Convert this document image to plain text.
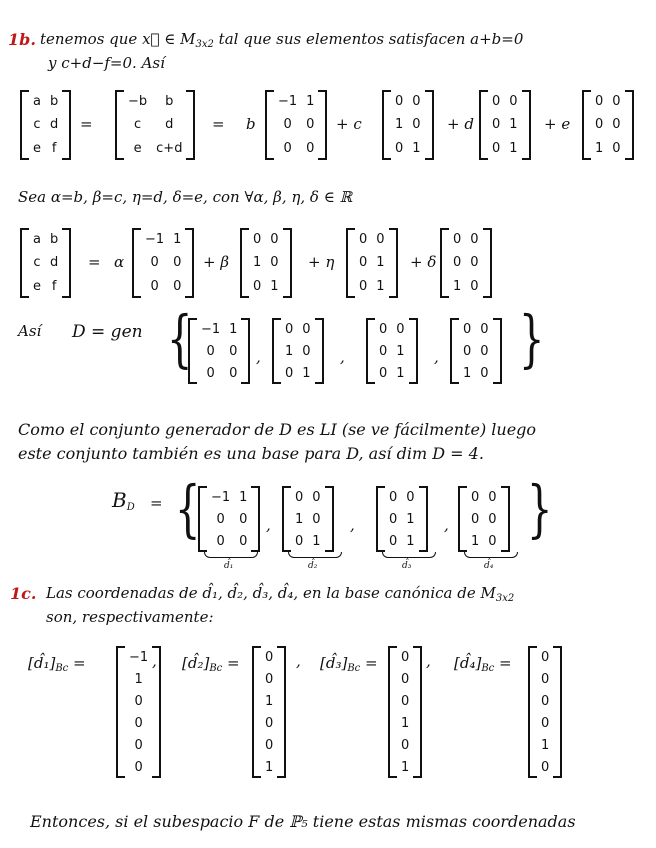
1b. tenemos que x⃗ ∈ $M_{3x2}$ tal que sus elementos satisfacen a+b=0
y c+d−f=0. Así
a b
c d
e f
=
−b b
c d
e c+d
= b
−1 1
0 0
0 0
+ c
0 0
1 0
0 1
+ d
0 0
0 1
0 1
+ e
0 0
0 0
1 0
Sea α=b, β=c, η=d, δ=e, con ∀α, β, η, δ ∈ ℝ
a b
c d
e f
= α
−1 1
0 0
0 0
+ β
0 0
1 0
0 1
+ η
0 0
0 1
0 1
+ δ
0 0
0 0
1 0
Así D = gen { −1 1
0 0
0 0
,
0 0
1 0
0 1
,
0 0
0 1
0 1
,
0 0
0 0
1 0 }
Como el conjunto generador de D es LI (se ve fácilmente) luego
este conjunto también es una base para D, así dim D = 4.
$B_D$ = { −1 1
0 0
0 0
,
0 0
1 0
0 1
,
0 0
0 1
0 1
,
0 0
0 0
1 0 }
d̂₁	d̂₂	d̂₃	d̂₄
1c. Las coordenadas de d̂₁, d̂₂, d̂₃, d̂₄, en la base canónica de $M_{3x2}$
son, respectivamente:
$[d̂_1]_{Bc}$ =	−1
1
0
0
0
0
, $[d̂_2]_{Bc} = 0$
0
1
0
0
1
, $[d̂_3]_{Bc} = 0$
0
0
1
0
1
, $[d̂_4]_{Bc} = 0$
0
0
0
1
0
Entonces, si el subespacio F de ℙ₅ tiene estas mismas coordenadas
